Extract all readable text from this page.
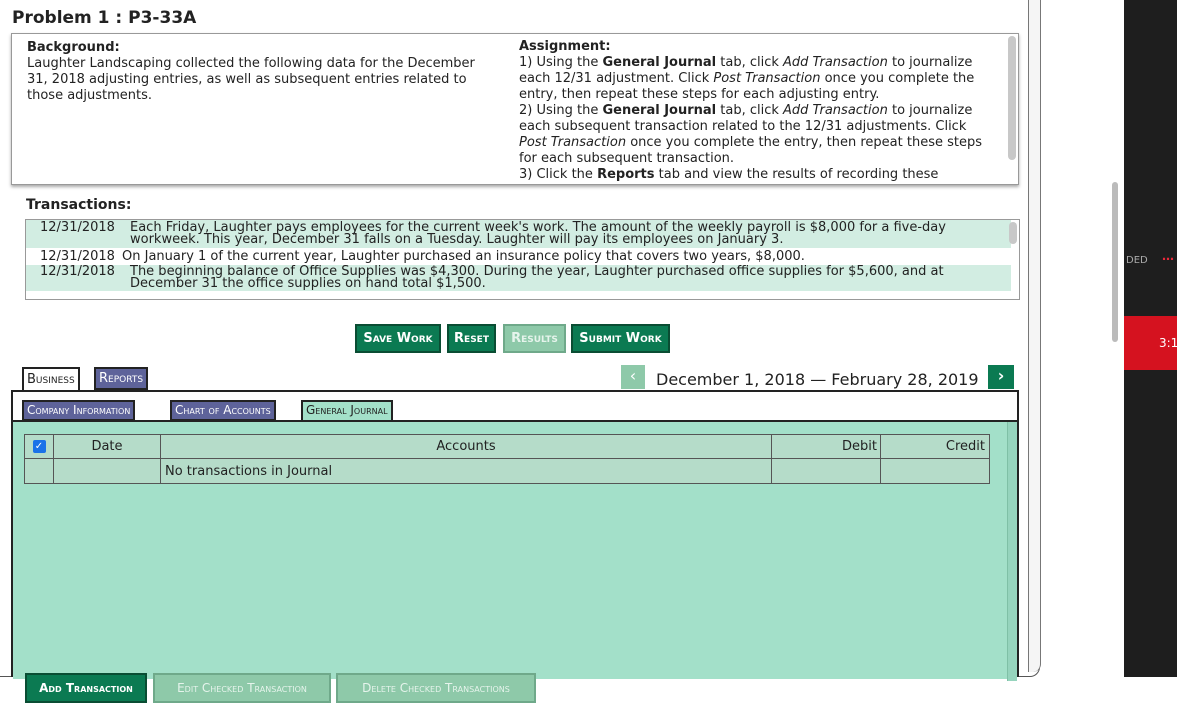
Problem 1 : P3-33A
Background:
Laughter Landscaping collected the following data for the December 31, 2018 adjusting entries, as well as subsequent entries related to those adjustments.
Assignment:
1) Using the General Journal tab, click Add Transaction to journalize each 12/31 adjustment. Click Post Transaction once you complete the entry, then repeat these steps for each adjusting entry.
2) Using the General Journal tab, click Add Transaction to journalize each subsequent transaction related to the 12/31 adjustments. Click Post Transaction once you complete the entry, then repeat these steps for each subsequent transaction.
3) Click the Reports tab and view the results of recording these
Transactions:
12/31/2018 Each Friday, Laughter pays employees for the current week's work. The amount of the weekly payroll is $8,000 for a five-day workweek. This year, December 31 falls on a Tuesday. Laughter will pay its employees on January 3.
12/31/2018 On January 1 of the current year, Laughter purchased an insurance policy that covers two years, $8,000.
12/31/2018 The beginning balance of Office Supplies was $4,300. During the year, Laughter purchased office supplies for $5,600, and at December 31 the office supplies on hand total $1,500.
Save Work	Reset	Results	Submit Work
Business	Reports	‹	December 1, 2018 — February 28, 2019	›
Company Information	Chart of Accounts	General Journal
✓	Date	Accounts	Debit	Credit
		No transactions in Journal		
Add Transaction	Edit Checked Transaction	Delete Checked Transactions
DED ⋯
3:1
